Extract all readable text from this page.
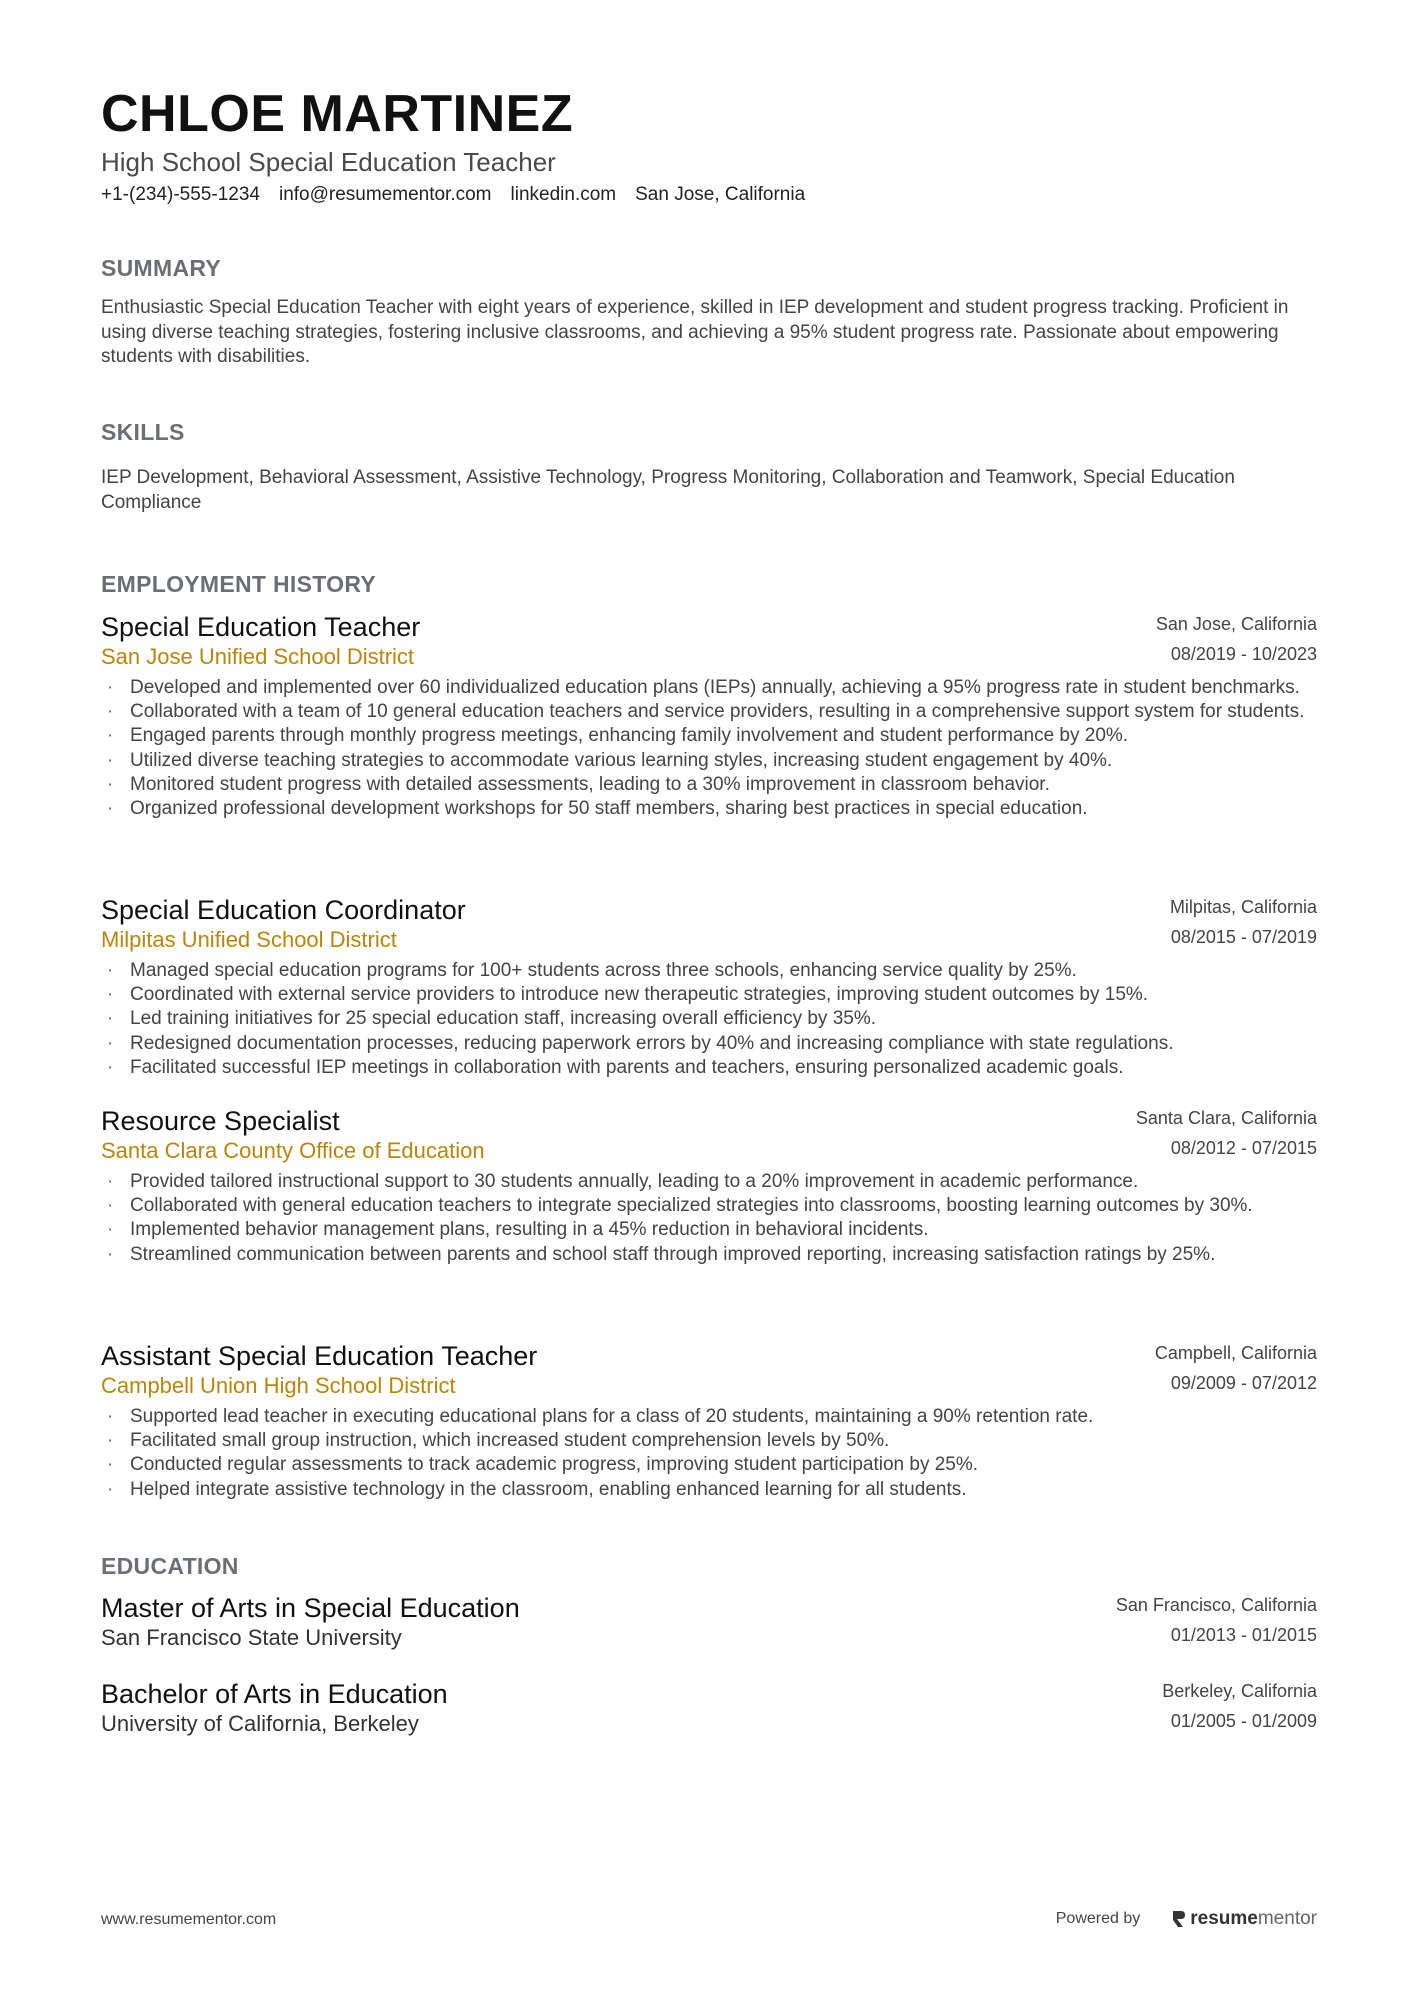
CHLOE MARTINEZ
High School Special Education Teacher
+1-(234)-555-1234 info@resumementor.com linkedin.com San Jose, California
SUMMARY
Enthusiastic Special Education Teacher with eight years of experience, skilled in IEP development and student progress tracking. Proficient in using diverse teaching strategies, fostering inclusive classrooms, and achieving a 95% student progress rate. Passionate about empowering students with disabilities.
SKILLS
IEP Development, Behavioral Assessment, Assistive Technology, Progress Monitoring, Collaboration and Teamwork, Special Education Compliance
EMPLOYMENT HISTORY
Special Education Teacher
San Jose Unified School District
San Jose, California
08/2019 - 10/2023
· Developed and implemented over 60 individualized education plans (IEPs) annually, achieving a 95% progress rate in student benchmarks.
· Collaborated with a team of 10 general education teachers and service providers, resulting in a comprehensive support system for students.
· Engaged parents through monthly progress meetings, enhancing family involvement and student performance by 20%.
· Utilized diverse teaching strategies to accommodate various learning styles, increasing student engagement by 40%.
· Monitored student progress with detailed assessments, leading to a 30% improvement in classroom behavior.
· Organized professional development workshops for 50 staff members, sharing best practices in special education.
Special Education Coordinator
Milpitas Unified School District
Milpitas, California
08/2015 - 07/2019
· Managed special education programs for 100+ students across three schools, enhancing service quality by 25%.
· Coordinated with external service providers to introduce new therapeutic strategies, improving student outcomes by 15%.
· Led training initiatives for 25 special education staff, increasing overall efficiency by 35%.
· Redesigned documentation processes, reducing paperwork errors by 40% and increasing compliance with state regulations.
· Facilitated successful IEP meetings in collaboration with parents and teachers, ensuring personalized academic goals.
Resource Specialist
Santa Clara County Office of Education
Santa Clara, California
08/2012 - 07/2015
· Provided tailored instructional support to 30 students annually, leading to a 20% improvement in academic performance.
· Collaborated with general education teachers to integrate specialized strategies into classrooms, boosting learning outcomes by 30%.
· Implemented behavior management plans, resulting in a 45% reduction in behavioral incidents.
· Streamlined communication between parents and school staff through improved reporting, increasing satisfaction ratings by 25%.
Assistant Special Education Teacher
Campbell Union High School District
Campbell, California
09/2009 - 07/2012
· Supported lead teacher in executing educational plans for a class of 20 students, maintaining a 90% retention rate.
· Facilitated small group instruction, which increased student comprehension levels by 50%.
· Conducted regular assessments to track academic progress, improving student participation by 25%.
· Helped integrate assistive technology in the classroom, enabling enhanced learning for all students.
EDUCATION
Master of Arts in Special Education
San Francisco State University
San Francisco, California
01/2013 - 01/2015
Bachelor of Arts in Education
University of California, Berkeley
Berkeley, California
01/2005 - 01/2009
www.resumementor.com	Powered by	resume mentor
